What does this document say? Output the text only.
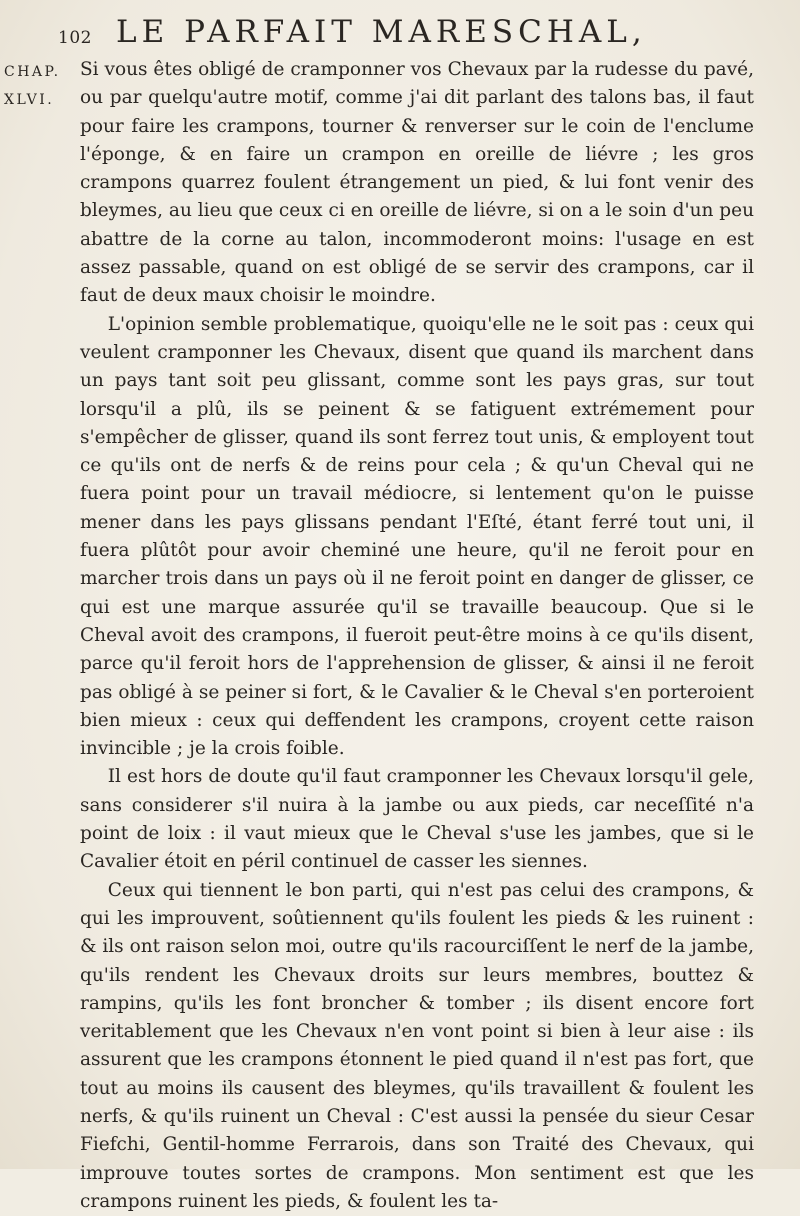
102 LE PARFAIT MARESCHAL,
CHAP.
XLVI.

Si vous êtes obligé de cramponner vos Chevaux par la rudesse du pavé, ou par quelqu'autre motif, comme j'ai dit parlant des talons bas, il faut pour faire les crampons, tourner & renverser sur le coin de l'enclume l'éponge, & en faire un crampon en oreille de liévre ; les gros crampons quarrez foulent étrangement un pied, & lui font venir des bleymes, au lieu que ceux ci en oreille de liévre, si on a le soin d'un peu abattre de la corne au talon, incommoderont moins: l'usage en est assez passable, quand on est obligé de se servir des crampons, car il faut de deux maux choisir le moindre.

L'opinion semble problematique, quoiqu'elle ne le soit pas : ceux qui veulent cramponner les Chevaux, disent que quand ils marchent dans un pays tant soit peu glissant, comme sont les pays gras, sur tout lorsqu'il a plû, ils se peinent & se fatiguent extrémement pour s'empêcher de glisser, quand ils sont ferrez tout unis, & employent tout ce qu'ils ont de nerfs & de reins pour cela ; & qu'un Cheval qui ne fuera point pour un travail médiocre, si lentement qu'on le puisse mener dans les pays glissans pendant l'Eſté, étant ferré tout uni, il fuera plûtôt pour avoir cheminé une heure, qu'il ne feroit pour en marcher trois dans un pays où il ne feroit point en danger de glisser, ce qui est une marque assurée qu'il se travaille beaucoup. Que si le Cheval avoit des crampons, il fueroit peut-être moins à ce qu'ils disent, parce qu'il feroit hors de l'apprehension de glisser, & ainsi il ne feroit pas obligé à se peiner si fort, & le Cavalier & le Cheval s'en porteroient bien mieux : ceux qui deffendent les crampons, croyent cette raison invincible ; je la crois foible.

Il est hors de doute qu'il faut cramponner les Chevaux lorsqu'il gele, sans considerer s'il nuira à la jambe ou aux pieds, car neceſſité n'a point de loix : il vaut mieux que le Cheval s'use les jambes, que si le Cavalier étoit en péril continuel de casser les siennes.

Ceux qui tiennent le bon parti, qui n'est pas celui des crampons, & qui les improuvent, soûtiennent qu'ils foulent les pieds & les ruinent : & ils ont raison selon moi, outre qu'ils racourciſſent le nerf de la jambe, qu'ils rendent les Chevaux droits sur leurs membres, bouttez & rampins, qu'ils les font broncher & tomber ; ils disent encore fort veritablement que les Chevaux n'en vont point si bien à leur aise : ils assurent que les crampons étonnent le pied quand il n'est pas fort, que tout au moins ils causent des bleymes, qu'ils travaillent & foulent les nerfs, & qu'ils ruinent un Cheval : C'est aussi la pensée du sieur Cesar Fiefchi, Gentil-homme Ferrarois, dans son Traité des Chevaux, qui improuve toutes sortes de crampons. Mon sentiment est que les crampons ruinent les pieds, & foulent les ta-
